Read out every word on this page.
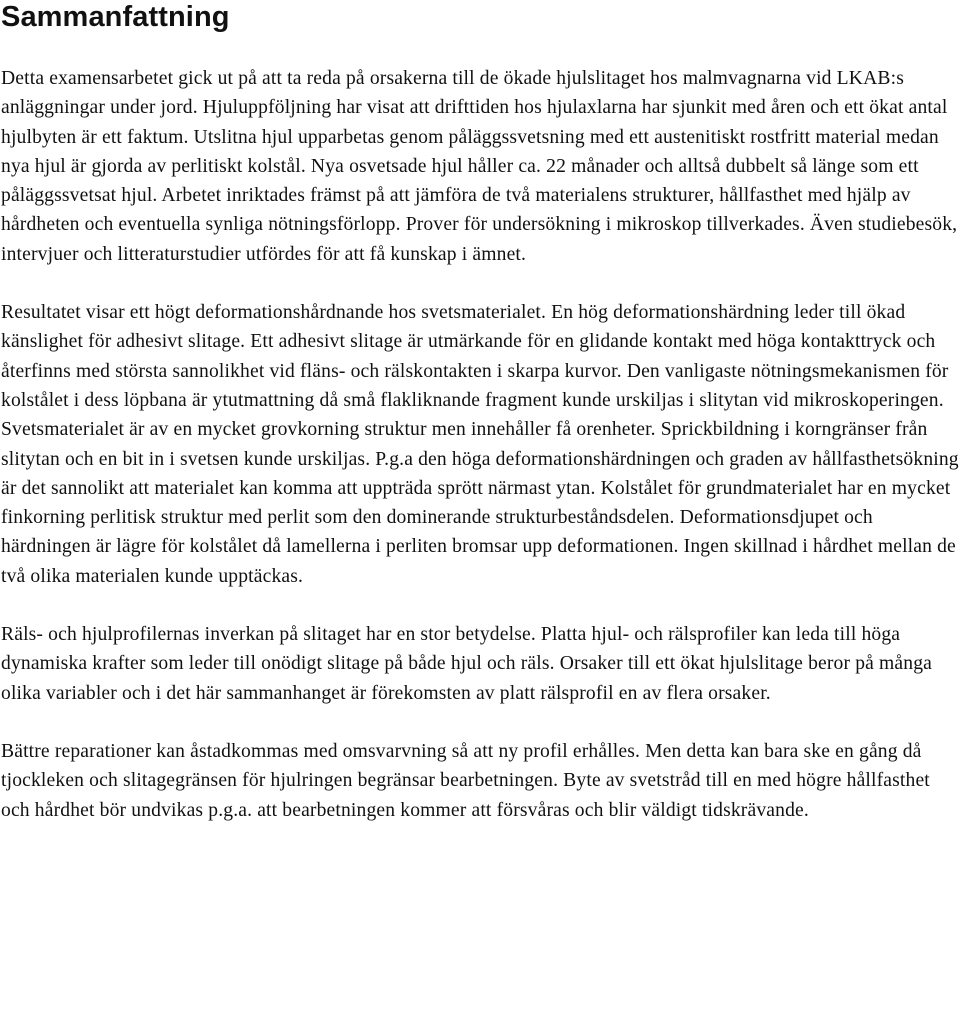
Sammanfattning

Detta examensarbetet gick ut på att ta reda på orsakerna till de ökade hjulslitaget hos malmvagnarna vid LKAB:s anläggningar under jord. Hjuluppföljning har visat att drifttiden hos hjulaxlarna har sjunkit med åren och ett ökat antal hjulbyten är ett faktum. Utslitna hjul upparbetas genom påläggssvetsning med ett austenitiskt rostfritt material medan nya hjul är gjorda av perlitiskt kolstål. Nya osvetsade hjul håller ca. 22 månader och alltså dubbelt så länge som ett påläggssvetsat hjul. Arbetet inriktades främst på att jämföra de två materialens strukturer, hållfasthet med hjälp av hårdheten och eventuella synliga nötningsförlopp. Prover för undersökning i mikroskop tillverkades. Även studiebesök, intervjuer och litteraturstudier utfördes för att få kunskap i ämnet.

Resultatet visar ett högt deformationshårdnande hos svetsmaterialet. En hög deformationshärdning leder till ökad känslighet för adhesivt slitage. Ett adhesivt slitage är utmärkande för en glidande kontakt med höga kontakttryck och återfinns med största sannolikhet vid fläns- och rälskontakten i skarpa kurvor. Den vanligaste nötningsmekanismen för kolstålet i dess löpbana är ytutmattning då små flakliknande fragment kunde urskiljas i slitytan vid mikroskoperingen. Svetsmaterialet är av en mycket grovkorning struktur men innehåller få orenheter. Sprickbildning i korngränser från slitytan och en bit in i svetsen kunde urskiljas. P.g.a den höga deformationshärdningen och graden av hållfasthetsökning är det sannolikt att materialet kan komma att uppträda sprött närmast ytan. Kolstålet för grundmaterialet har en mycket finkorning perlitisk struktur med perlit som den dominerande strukturbeståndsdelen. Deformationsdjupet och härdningen är lägre för kolstålet då lamellerna i perliten bromsar upp deformationen. Ingen skillnad i hårdhet mellan de två olika materialen kunde upptäckas.

Räls- och hjulprofilernas inverkan på slitaget har en stor betydelse. Platta hjul- och rälsprofiler kan leda till höga dynamiska krafter som leder till onödigt slitage på både hjul och räls. Orsaker till ett ökat hjulslitage beror på många olika variabler och i det här sammanhanget är förekomsten av platt rälsprofil en av flera orsaker.

Bättre reparationer kan åstadkommas med omsvarvning så att ny profil erhålles. Men detta kan bara ske en gång då tjockleken och slitagegränsen för hjulringen begränsar bearbetningen. Byte av svetstråd till en med högre hållfasthet och hårdhet bör undvikas p.g.a. att bearbetningen kommer att försvåras och blir väldigt tidskrävande.
